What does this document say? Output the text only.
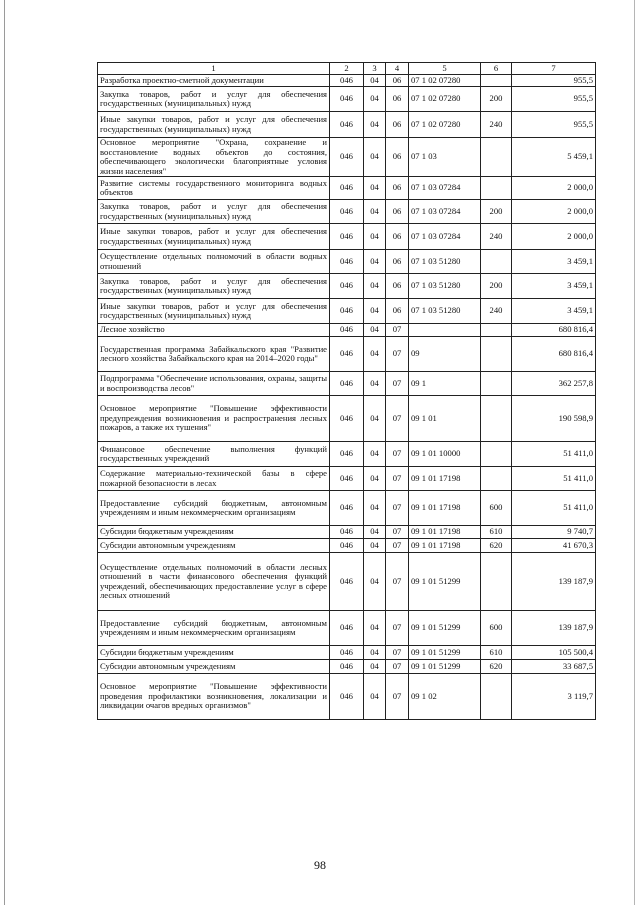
1	2	3	4	5	6	7
Разработка проектно-сметной документации	046	04	06	07 1 02 07280		955,5
Закупка товаров, работ и услуг для обеспечения государственных (муниципальных) нужд	046	04	06	07 1 02 07280	200	955,5
Иные закупки товаров, работ и услуг для обеспечения государственных (муниципальных) нужд	046	04	06	07 1 02 07280	240	955,5
Основное мероприятие "Охрана, сохранение и восстановление водных объектов до состояния, обеспечивающего экологически благоприятные условия жизни населения"	046	04	06	07 1 03		5 459,1
Развитие системы государственного мониторинга водных объектов	046	04	06	07 1 03 07284		2 000,0
Закупка товаров, работ и услуг для обеспечения государственных (муниципальных) нужд	046	04	06	07 1 03 07284	200	2 000,0
Иные закупки товаров, работ и услуг для обеспечения государственных (муниципальных) нужд	046	04	06	07 1 03 07284	240	2 000,0
Осуществление отдельных полномочий в области водных отношений	046	04	06	07 1 03 51280		3 459,1
Закупка товаров, работ и услуг для обеспечения государственных (муниципальных) нужд	046	04	06	07 1 03 51280	200	3 459,1
Иные закупки товаров, работ и услуг для обеспечения государственных (муниципальных) нужд	046	04	06	07 1 03 51280	240	3 459,1
Лесное хозяйство	046	04	07			680 816,4
Государственная программа Забайкальского края "Развитие лесного хозяйства Забайкальского края на 2014–2020 годы"	046	04	07	09		680 816,4
Подпрограмма "Обеспечение использования, охраны, защиты и воспроизводства лесов"	046	04	07	09 1		362 257,8
Основное мероприятие "Повышение эффективности предупреждения возникновения и распространения лесных пожаров, а также их тушения"	046	04	07	09 1 01		190 598,9
Финансовое обеспечение выполнения функций государственных учреждений	046	04	07	09 1 01 10000		51 411,0
Содержание материально-технической базы в сфере пожарной безопасности в лесах	046	04	07	09 1 01 17198		51 411,0
Предоставление субсидий бюджетным, автономным учреждениям и иным некоммерческим организациям	046	04	07	09 1 01 17198	600	51 411,0
Субсидии бюджетным учреждениям	046	04	07	09 1 01 17198	610	9 740,7
Субсидии автономным учреждениям	046	04	07	09 1 01 17198	620	41 670,3
Осуществление отдельных полномочий в области лесных отношений в части финансового обеспечения функций учреждений, обеспечивающих предоставление услуг в сфере лесных отношений	046	04	07	09 1 01 51299		139 187,9
Предоставление субсидий бюджетным, автономным учреждениям и иным некоммерческим организациям	046	04	07	09 1 01 51299	600	139 187,9
Субсидии бюджетным учреждениям	046	04	07	09 1 01 51299	610	105 500,4
Субсидии автономным учреждениям	046	04	07	09 1 01 51299	620	33 687,5
Основное мероприятие "Повышение эффективности проведения профилактики возникновения, локализации и ликвидации очагов вредных организмов"	046	04	07	09 1 02		3 119,7
98
